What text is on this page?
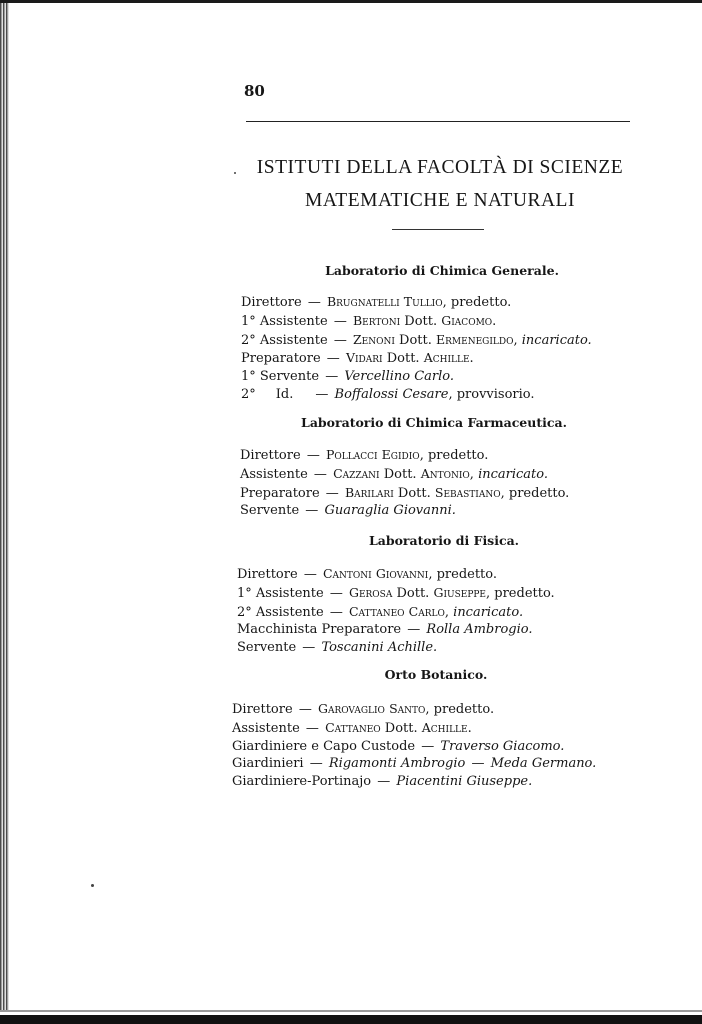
80
ISTITUTI DELLA FACOLTÀ DI SCIENZE
MATEMATICHE E NATURALI
Laboratorio di Chimica Generale.
Direttore — Brugnatelli Tullio, predetto.
1° Assistente — Bertoni Dott. Giacomo.
2° Assistente — Zenoni Dott. Ermenegildo, incaricato.
Preparatore — Vidari Dott. Achille.
1° Servente — Vercellino Carlo.
2° Id. — Boffalossi Cesare, provvisorio.
Laboratorio di Chimica Farmaceutica.
Direttore — Pollacci Egidio, predetto.
Assistente — Cazzani Dott. Antonio, incaricato.
Preparatore — Barilari Dott. Sebastiano, predetto.
Servente — Guaraglia Giovanni.
Laboratorio di Fisica.
Direttore — Cantoni Giovanni, predetto.
1° Assistente — Gerosa Dott. Giuseppe, predetto.
2° Assistente — Cattaneo Carlo, incaricato.
Macchinista Preparatore — Rolla Ambrogio.
Servente — Toscanini Achille.
Orto Botanico.
Direttore — Garovaglio Santo, predetto.
Assistente — Cattaneo Dott. Achille.
Giardiniere e Capo Custode — Traverso Giacomo.
Giardinieri — Rigamonti Ambrogio — Meda Germano.
Giardiniere-Portinajo — Piacentini Giuseppe.
